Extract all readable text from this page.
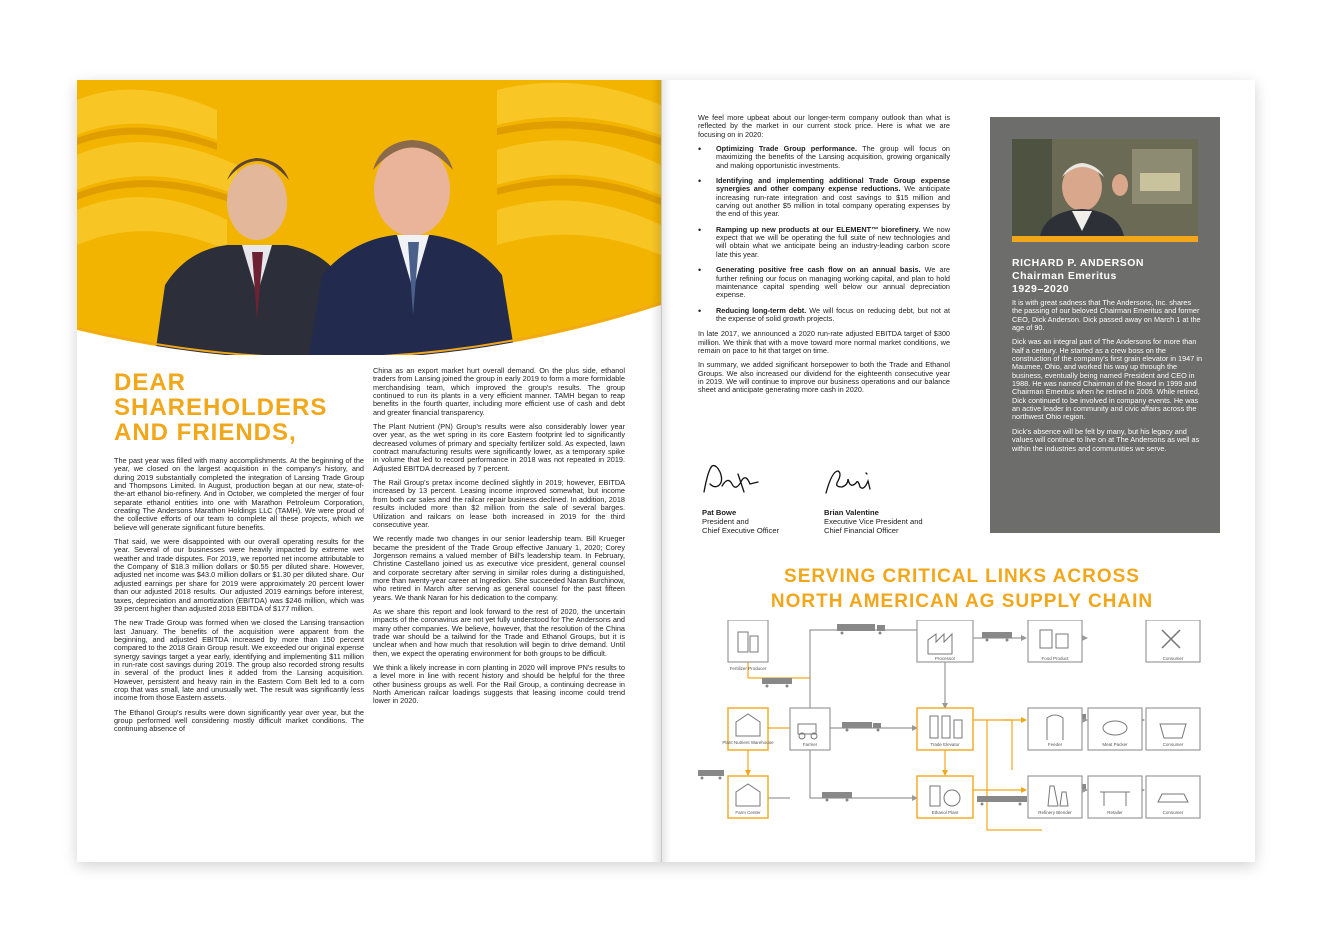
DEAR
SHAREHOLDERS
AND FRIENDS,

The past year was filled with many accomplishments. At the beginning of the year, we closed on the largest acquisition in the company's history, and during 2019 substantially completed the integration of Lansing Trade Group and Thompsons Limited. In August, production began at our new, state-of-the-art ethanol bio-refinery. And in October, we completed the merger of four separate ethanol entities into one with Marathon Petroleum Corporation, creating The Andersons Marathon Holdings LLC (TAMH). We were proud of the collective efforts of our team to complete all these projects, which we believe will generate significant future benefits.

That said, we were disappointed with our overall operating results for the year. Several of our businesses were heavily impacted by extreme wet weather and trade disputes. For 2019, we reported net income attributable to the Company of $18.3 million dollars or $0.55 per diluted share. However, adjusted net income was $43.0 million dollars or $1.30 per diluted share. Our adjusted earnings per share for 2019 were approximately 20 percent lower than our adjusted 2018 results. Our adjusted 2019 earnings before interest, taxes, depreciation and amortization (EBITDA) was $246 million, which was 39 percent higher than adjusted 2018 EBITDA of $177 million.

The new Trade Group was formed when we closed the Lansing transaction last January. The benefits of the acquisition were apparent from the beginning, and adjusted EBITDA increased by more than 150 percent compared to the 2018 Grain Group result. We exceeded our original expense synergy savings target a year early, identifying and implementing $11 million in run-rate cost savings during 2019. The group also recorded strong results in several of the product lines it added from the Lansing acquisition. However, persistent and heavy rain in the Eastern Corn Belt led to a corn crop that was small, late and unusually wet. The result was significantly less income from those Eastern assets.

The Ethanol Group's results were down significantly year over year, but the group performed well considering mostly difficult market conditions. The continuing absence of

China as an export market hurt overall demand. On the plus side, ethanol traders from Lansing joined the group in early 2019 to form a more formidable merchandising team, which improved the group's results. The group continued to run its plants in a very efficient manner. TAMH began to reap benefits in the fourth quarter, including more efficient use of cash and debt and greater financial transparency.

The Plant Nutrient (PN) Group's results were also considerably lower year over year, as the wet spring in its core Eastern footprint led to significantly decreased volumes of primary and specialty fertilizer sold. As expected, lawn contract manufacturing results were significantly lower, as a temporary spike in volume that led to record performance in 2018 was not repeated in 2019. Adjusted EBITDA decreased by 7 percent.

The Rail Group's pretax income declined slightly in 2019; however, EBITDA increased by 13 percent. Leasing income improved somewhat, but income from both car sales and the railcar repair business declined. In addition, 2018 results included more than $2 million from the sale of several barges. Utilization and railcars on lease both increased in 2019 for the third consecutive year.

We recently made two changes in our senior leadership team. Bill Krueger became the president of the Trade Group effective January 1, 2020; Corey Jorgenson remains a valued member of Bill's leadership team. In February, Christine Castellano joined us as executive vice president, general counsel and corporate secretary after serving in similar roles during a distinguished, more than twenty-year career at Ingredion. She succeeded Naran Burchinow, who retired in March after serving as general counsel for the past fifteen years. We thank Naran for his dedication to the company.

As we share this report and look forward to the rest of 2020, the uncertain impacts of the coronavirus are not yet fully understood for The Andersons and many other companies. We believe, however, that the resolution of the China trade war should be a tailwind for the Trade and Ethanol Groups, but it is unclear when and how much that resolution will begin to drive demand. Until then, we expect the operating environment for both groups to be difficult.

We think a likely increase in corn planting in 2020 will improve PN's results to a level more in line with recent history and should be helpful for the three other business groups as well. For the Rail Group, a continuing decrease in North American railcar loadings suggests that leasing income could trend lower in 2020.

We feel more upbeat about our longer-term company outlook than what is reflected by the market in our current stock price. Here is what we are focusing on in 2020:

• Optimizing Trade Group performance. The group will focus on maximizing the benefits of the Lansing acquisition, growing organically and making opportunistic investments.
• Identifying and implementing additional Trade Group expense synergies and other company expense reductions. We anticipate increasing run-rate integration and cost savings to $15 million and carving out another $5 million in total company operating expenses by the end of this year.
• Ramping up new products at our ELEMENT™ biorefinery. We now expect that we will be operating the full suite of new technologies and will obtain what we anticipate being an industry-leading carbon score late this year.
• Generating positive free cash flow on an annual basis. We are further refining our focus on managing working capital, and plan to hold maintenance capital spending well below our annual depreciation expense.
• Reducing long-term debt. We will focus on reducing debt, but not at the expense of solid growth projects.

In late 2017, we announced a 2020 run-rate adjusted EBITDA target of $300 million. We think that with a move toward more normal market conditions, we remain on pace to hit that target on time.

In summary, we added significant horsepower to both the Trade and Ethanol Groups. We also increased our dividend for the eighteenth consecutive year in 2019. We will continue to improve our business operations and our balance sheet and anticipate generating more cash in 2020.

Pat Bowe
President and
Chief Executive Officer
Brian Valentine
Executive Vice President and
Chief Financial Officer
RICHARD P. ANDERSON
Chairman Emeritus
1929–2020

It is with great sadness that The Andersons, Inc. shares the passing of our beloved Chairman Emeritus and former CEO, Dick Anderson. Dick passed away on March 1 at the age of 90.

Dick was an integral part of The Andersons for more than half a century. He started as a crew boss on the construction of the company's first grain elevator in 1947 in Maumee, Ohio, and worked his way up through the business, eventually being named President and CEO in 1988. He was named Chairman of the Board in 1999 and Chairman Emeritus when he retired in 2009. While retired, Dick continued to be involved in company events. He was an active leader in community and civic affairs across the northwest Ohio region.

Dick's absence will be felt by many, but his legacy and values will continue to live on at The Andersons as well as within the industries and communities we serve.

SERVING CRITICAL LINKS ACROSS
NORTH AMERICAN AG SUPPLY CHAIN
Fertilizer Producer
Processor	Food Product	Consumer
Plant Nutrient Warehouse	Farmer	Trade Elevator	Feeder	Meat Packer	Consumer
Farm Center	Ethanol Plant	Refinery Blender	Retailer	Consumer
